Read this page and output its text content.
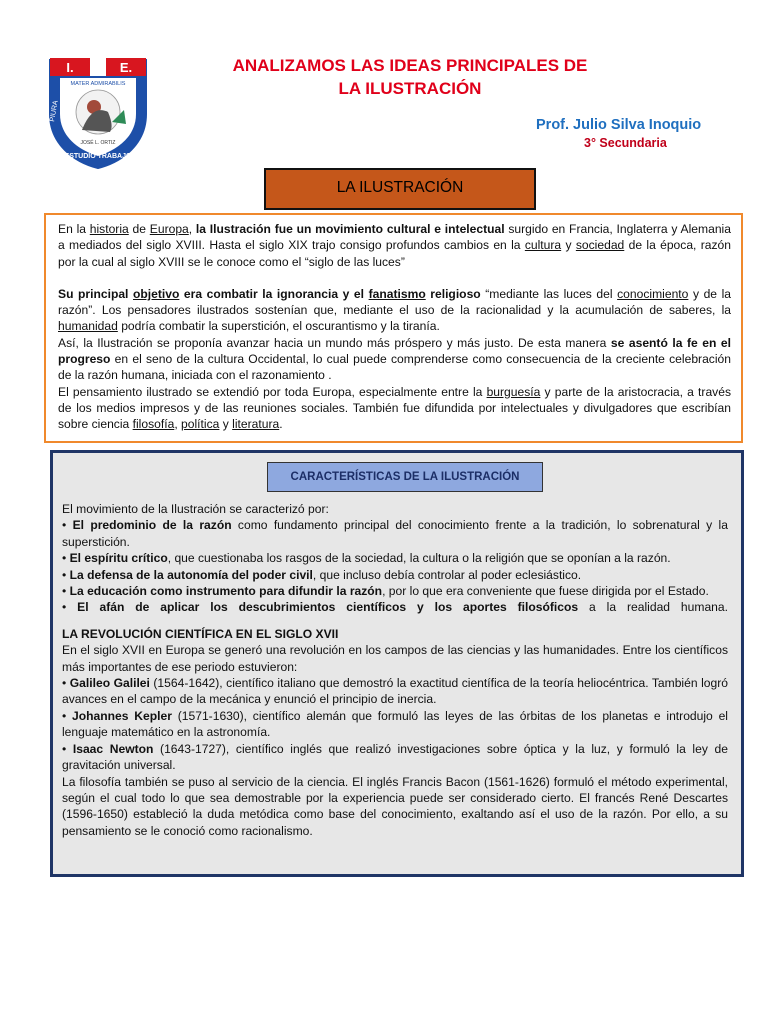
I.	E.
MATER ADMIRABILIS
PIURA
ESTUDIO TRABAJO
JOSÉ L. ORTIZ
ANALIZAMOS LAS IDEAS PRINCIPALES DE
LA ILUSTRACIÓN
Prof. Julio Silva Inoquio
3° Secundaria
LA ILUSTRACIÓN

En la historia de Europa, la Ilustración fue un movimiento cultural e intelectual surgido en Francia, Inglaterra y Alemania a mediados del siglo XVIII. Hasta el siglo XIX trajo consigo profundos cambios en la cultura y sociedad de la época, razón por la cual al siglo XVIII se le conoce como el “siglo de las luces”

Su principal objetivo era combatir la ignorancia y el fanatismo religioso “mediante las luces del conocimiento y de la razón”. Los pensadores ilustrados sostenían que, mediante el uso de la racionalidad y la acumulación de saberes, la humanidad podría combatir la superstición, el oscurantismo y la tiranía.

Así, la Ilustración se proponía avanzar hacia un mundo más próspero y más justo. De esta manera se asentó la fe en el progreso en el seno de la cultura Occidental, lo cual puede comprenderse como consecuencia de la creciente celebración de la razón humana, iniciada con el razonamiento .

El pensamiento ilustrado se extendió por toda Europa, especialmente entre la burguesía y parte de la aristocracia, a través de los medios impresos y de las reuniones sociales. También fue difundida por intelectuales y divulgadores que escribían sobre ciencia filosofía, política y literatura.

CARACTERÍSTICAS DE LA ILUSTRACIÓN

El movimiento de la Ilustración se caracterizó por:

• El predominio de la razón como fundamento principal del conocimiento frente a la tradición, lo sobrenatural y la superstición.

• El espíritu crítico, que cuestionaba los rasgos de la sociedad, la cultura o la religión que se oponían a la razón.

• La defensa de la autonomía del poder civil, que incluso debía controlar al poder eclesiástico.

• La educación como instrumento para difundir la razón, por lo que era conveniente que fuese dirigida por el Estado.

• El afán de aplicar los descubrimientos científicos y los aportes filosóficos a la realidad humana.

LA REVOLUCIÓN CIENTÍFICA EN EL SIGLO XVII

En el siglo XVII en Europa se generó una revolución en los campos de las ciencias y las humanidades. Entre los científicos más importantes de ese periodo estuvieron:

• Galileo Galilei (1564-1642), científico italiano que demostró la exactitud científica de la teoría heliocéntrica. También logró avances en el campo de la mecánica y enunció el principio de inercia.

• Johannes Kepler (1571-1630), científico alemán que formuló las leyes de las órbitas de los planetas e introdujo el lenguaje matemático en la astronomía.

• Isaac Newton (1643-1727), científico inglés que realizó investigaciones sobre óptica y la luz, y formuló la ley de gravitación universal.

La filosofía también se puso al servicio de la ciencia. El inglés Francis Bacon (1561-1626) formuló el método experimental, según el cual todo lo que sea demostrable por la experiencia puede ser considerado cierto. El francés René Descartes (1596-1650) estableció la duda metódica como base del conocimiento, exaltando así el uso de la razón. Por ello, a su pensamiento se le conoció como racionalismo.
